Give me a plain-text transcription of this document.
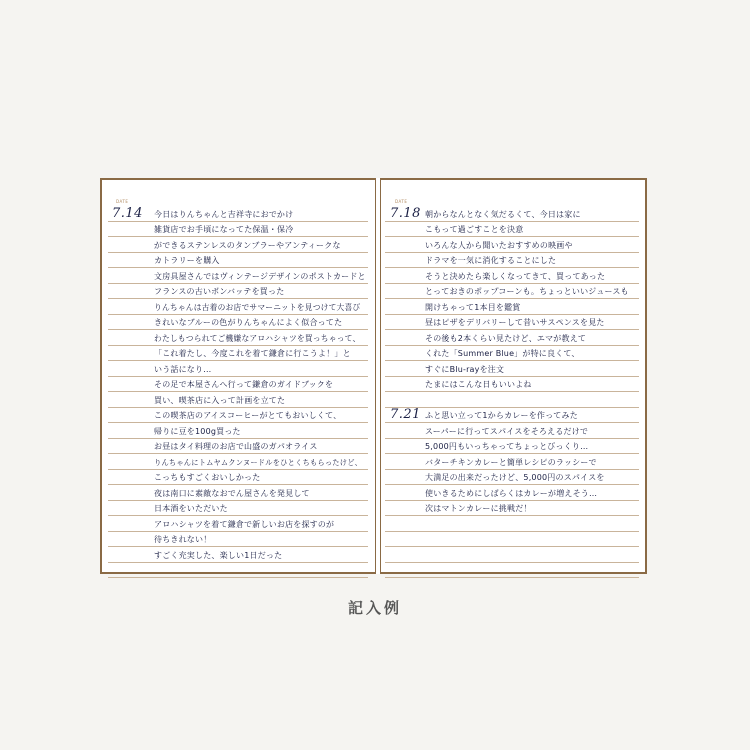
DATE
7.14 今日はりんちゃんと吉祥寺におでかけ
雑貨店でお手頃になってた保温・保冷
ができるステンレスのタンブラーやアンティークな
カトラリーを購入
文房具屋さんではヴィンテージデザインのポストカードと
フランスの古いボンバッテを買った
りんちゃんは古着のお店でサマーニットを見つけて大喜び
きれいなブルーの色がりんちゃんによく似合ってた
わたしもつられてご機嫌なアロハシャツを買っちゃって、
「これ着たし、今度これを着て鎌倉に行こうよ！」と
いう話になり…
その足で本屋さんへ行って鎌倉のガイドブックを
買い、喫茶店に入って計画を立てた
この喫茶店のアイスコーヒーがとてもおいしくて、
帰りに豆を100g買った
お昼はタイ料理のお店で山盛のガパオライス
りんちゃんにトムヤムクンヌードルをひとくちもらったけど、
こっちもすごくおいしかった
夜は南口に素敵なおでん屋さんを発見して
日本酒をいただいた
アロハシャツを着て鎌倉で新しいお店を探すのが
待ちきれない！
すごく充実した、楽しい1日だった
DATE
7.18 朝からなんとなく気だるくて、今日は家に
こもって過ごすことを決意
いろんな人から聞いたおすすめの映画や
ドラマを一気に消化することにした
そうと決めたら楽しくなってきて、買ってあった
とっておきのポップコーンも。ちょっといいジュースも
開けちゃって1本目を鑑賞
昼はピザをデリバリーして昔いサスペンスを見た
その後も2本くらい見たけど、エマが教えて
くれた「Summer Blue」が特に良くて、
すぐにBlu-rayを注文
たまにはこんな日もいいよね
7.21 ふと思い立って1からカレーを作ってみた
スーパーに行ってスパイスをそろえるだけで
5,000円もいっちゃってちょっとびっくり…
バターチキンカレーと簡単レシピのラッシーで
大満足の出来だったけど、5,000円のスパイスを
使いきるためにしばらくはカレーが増えそう…
次はマトンカレーに挑戦だ！
記入例
